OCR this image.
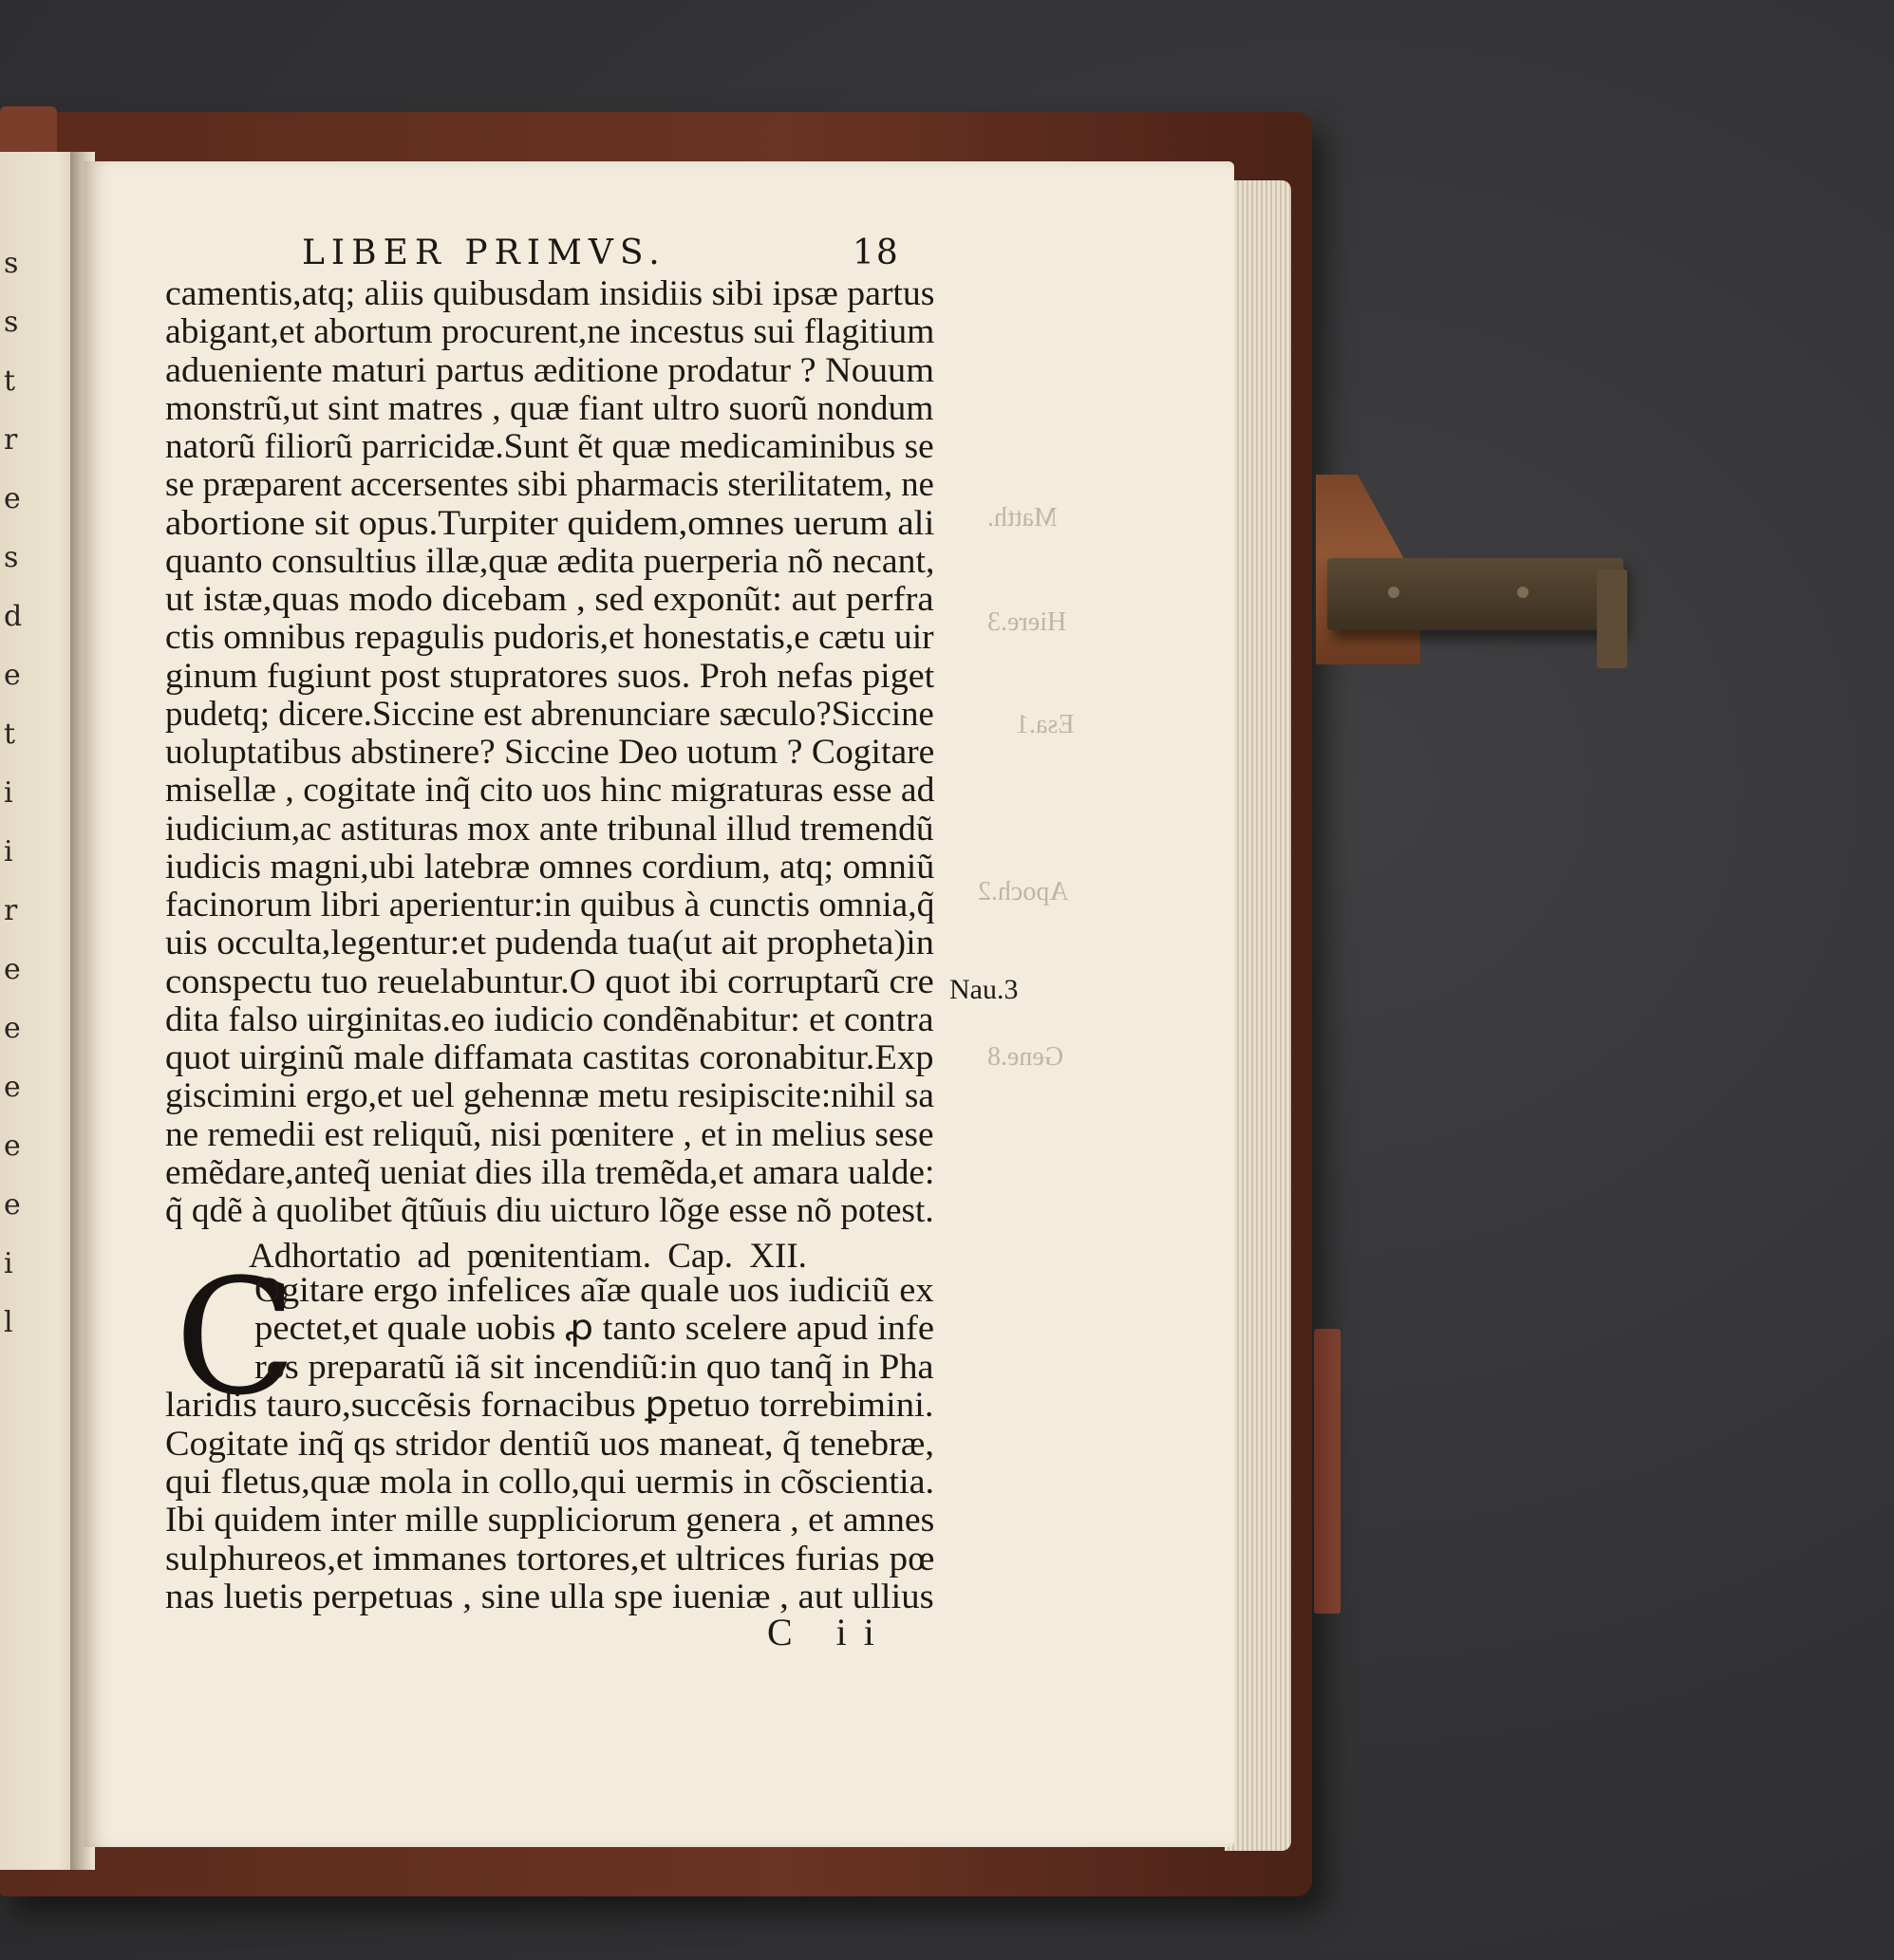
s
s
t
r
e
s
d
e
t
i
i
r
e
e
e
e
e
i
l
Matth.
Hiere.3
Esa.1
Apoch.2
Gene.8
LIBER PRIMVS.	18
camentis,atq; aliis quibusdam insidiis sibi ipsæ partus
abigant,et abortum procurent,ne incestus sui flagitium
adueniente maturi partus æditione prodatur ? Nouum
monstrũ,ut sint matres , quæ fiant ultro suorũ nondum
natorũ filiorũ parricidæ.Sunt ẽt quæ medicaminibus se
se præparent accersentes sibi pharmacis sterilitatem, ne
abortione sit opus.Turpiter quidem,omnes uerum ali
quanto consultius illæ,quæ ædita puerperia nõ necant,
ut istæ,quas modo dicebam , sed exponũt: aut perfra
ctis omnibus repagulis pudoris,et honestatis,e cætu uir
ginum fugiunt post stupratores suos. Proh nefas piget
pudetq; dicere.Siccine est abrenunciare sæculo?Siccine
uoluptatibus abstinere? Siccine Deo uotum ? Cogitare
misellæ , cogitate inq̃ cito uos hinc migraturas esse ad
iudicium,ac astituras mox ante tribunal illud tremendũ
iudicis magni,ubi latebræ omnes cordium, atq; omniũ
facinorum libri aperientur:in quibus à cunctis omnia,q̃
uis occulta,legentur:et pudenda tua(ut ait propheta)in
conspectu tuo reuelabuntur.O quot ibi corruptarũ cre
dita falso uirginitas.eo iudicio condẽnabitur: et contra
quot uirginũ male diffamata castitas coronabitur.Exp
giscimini ergo,et uel gehennæ metu resipiscite:nihil sa
ne remedii est reliquũ, nisi pœnitere , et in melius sese
emẽdare,anteq̃ ueniat dies illa tremẽda,et amara ualde:
q̃ qdẽ à quolibet q̃tũuis diu uicturo lõge esse nõ potest.
Adhortatio ad pœnitentiam. Cap. XII.
C
Ogitare ergo infelices aĩæ quale uos iudiciũ ex
pectet,et quale uobis ꝓ tanto scelere apud infe
ros preparatũ iã sit incendiũ:in quo tanq̃ in Pha
laridis tauro,succẽsis fornacibus ꝑpetuo torrebimini.
Cogitate inq̃ qs stridor dentiũ uos maneat, q̃ tenebræ,
qui fletus,quæ mola in collo,qui uermis in cõscientia.
Ibi quidem inter mille suppliciorum genera , et amnes
sulphureos,et immanes tortores,et ultrices furias pœ
nas luetis perpetuas , sine ulla spe iueniæ , aut ullius
C ii
Nau.3
